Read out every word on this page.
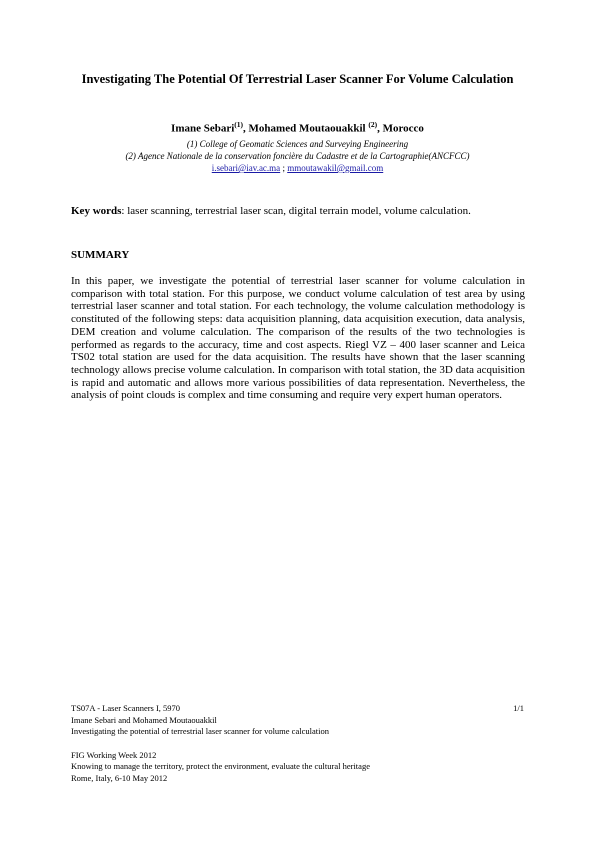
Investigating The Potential Of Terrestrial Laser Scanner For Volume Calculation
Imane Sebari$^{(1)}$, Mohamed Moutaouakkil $^{(2)}$, Morocco
(1) College of Geomatic Sciences and Surveying Engineering
(2) Agence Nationale de la conservation foncière du Cadastre et de la Cartographie(ANCFCC)
i.sebari@iav.ac.ma ; mmoutawakil@gmail.com
Key words: laser scanning, terrestrial laser scan, digital terrain model, volume calculation.
SUMMARY

In this paper, we investigate the potential of terrestrial laser scanner for volume calculation in comparison with total station. For this purpose, we conduct volume calculation of test area by using terrestrial laser scanner and total station. For each technology, the volume calculation methodology is constituted of the following steps: data acquisition planning, data acquisition execution, data analysis, DEM creation and volume calculation. The comparison of the results of the two technologies is performed as regards to the accuracy, time and cost aspects. Riegl VZ – 400 laser scanner and Leica TS02 total station are used for the data acquisition. The results have shown that the laser scanning technology allows precise volume calculation. In comparison with total station, the 3D data acquisition is rapid and automatic and allows more various possibilities of data representation. Nevertheless, the analysis of point clouds is complex and time consuming and require very expert human operators.

TS07A - Laser Scanners I, 5970
Imane Sebari and Mohamed Moutaouakkil
Investigating the potential of terrestrial laser scanner for volume calculation
FIG Working Week 2012
Knowing to manage the territory, protect the environment, evaluate the cultural heritage
Rome, Italy, 6-10 May 2012
1/1
